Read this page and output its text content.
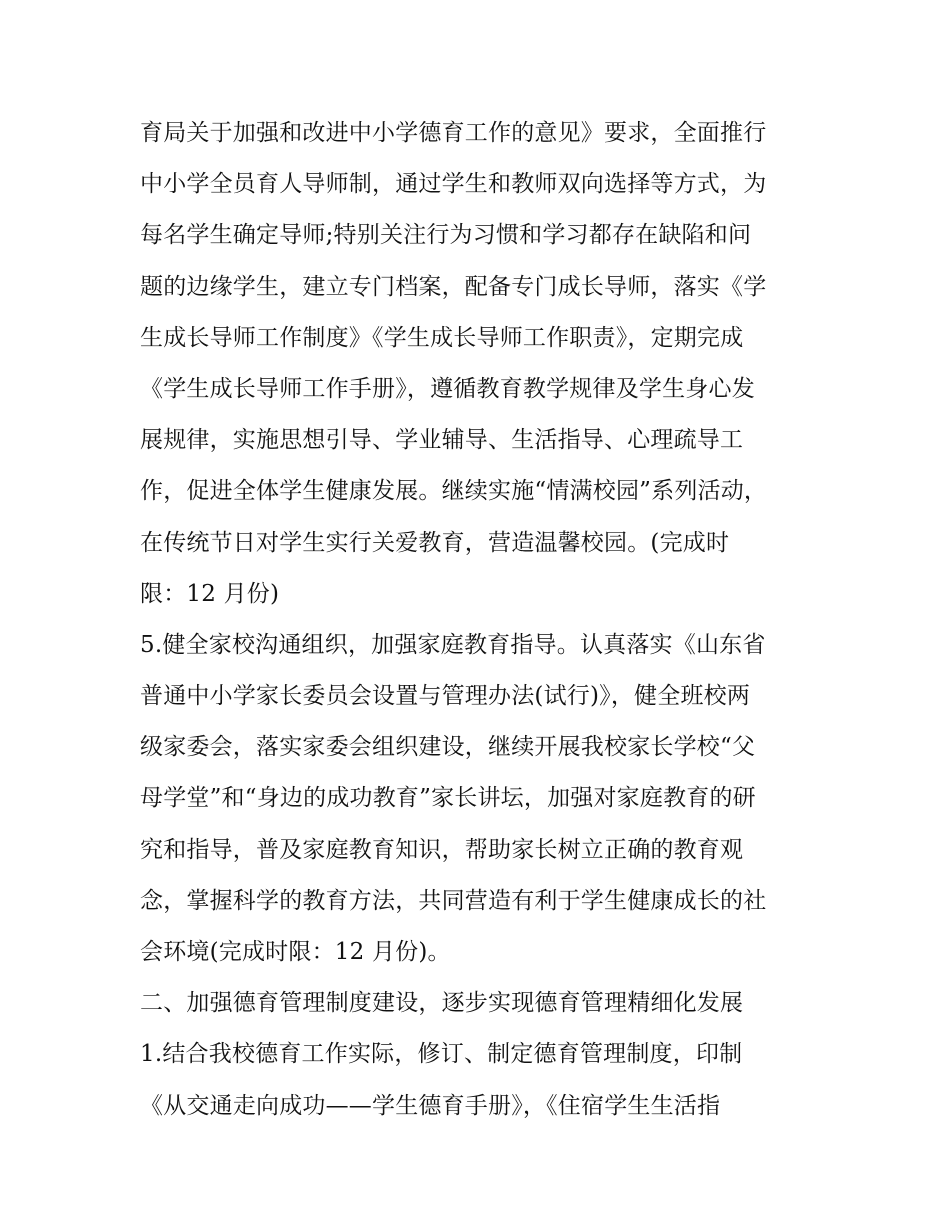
育局关于加强和改进中小学德育工作的意见》要求，全面推行
中小学全员育人导师制，通过学生和教师双向选择等方式，为
每名学生确定导师;特别关注行为习惯和学习都存在缺陷和问
题的边缘学生，建立专门档案，配备专门成长导师，落实《学
生成长导师工作制度》《学生成长导师工作职责》，定期完成
《学生成长导师工作手册》，遵循教育教学规律及学生身心发
展规律，实施思想引导、学业辅导、生活指导、心理疏导工
作，促进全体学生健康发展。继续实施“情满校园”系列活动，
在传统节日对学生实行关爱教育，营造温馨校园。(完成时
限：12 月份)
5.健全家校沟通组织，加强家庭教育指导。认真落实《山东省
普通中小学家长委员会设置与管理办法(试行)》，健全班校两
级家委会，落实家委会组织建设，继续开展我校家长学校“父
母学堂”和“身边的成功教育”家长讲坛，加强对家庭教育的研
究和指导，普及家庭教育知识，帮助家长树立正确的教育观
念，掌握科学的教育方法，共同营造有利于学生健康成长的社
会环境(完成时限：12 月份)。
二、加强德育管理制度建设，逐步实现德育管理精细化发展
1.结合我校德育工作实际，修订、制定德育管理制度，印制
《从交通走向成功——学生德育手册》，《住宿学生生活指
